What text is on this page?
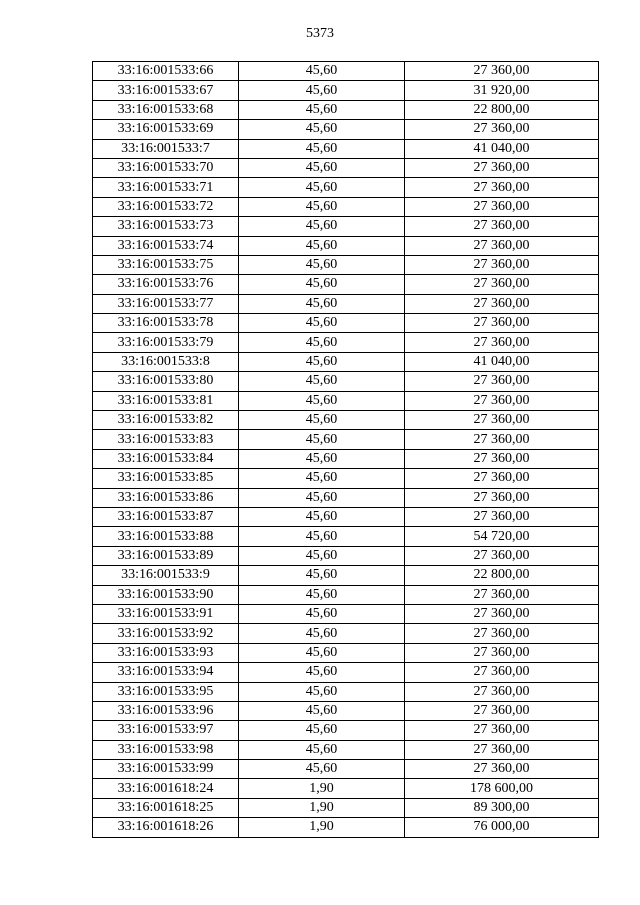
5373
33:16:001533:66	45,60	27 360,00
33:16:001533:67	45,60	31 920,00
33:16:001533:68	45,60	22 800,00
33:16:001533:69	45,60	27 360,00
33:16:001533:7	45,60	41 040,00
33:16:001533:70	45,60	27 360,00
33:16:001533:71	45,60	27 360,00
33:16:001533:72	45,60	27 360,00
33:16:001533:73	45,60	27 360,00
33:16:001533:74	45,60	27 360,00
33:16:001533:75	45,60	27 360,00
33:16:001533:76	45,60	27 360,00
33:16:001533:77	45,60	27 360,00
33:16:001533:78	45,60	27 360,00
33:16:001533:79	45,60	27 360,00
33:16:001533:8	45,60	41 040,00
33:16:001533:80	45,60	27 360,00
33:16:001533:81	45,60	27 360,00
33:16:001533:82	45,60	27 360,00
33:16:001533:83	45,60	27 360,00
33:16:001533:84	45,60	27 360,00
33:16:001533:85	45,60	27 360,00
33:16:001533:86	45,60	27 360,00
33:16:001533:87	45,60	27 360,00
33:16:001533:88	45,60	54 720,00
33:16:001533:89	45,60	27 360,00
33:16:001533:9	45,60	22 800,00
33:16:001533:90	45,60	27 360,00
33:16:001533:91	45,60	27 360,00
33:16:001533:92	45,60	27 360,00
33:16:001533:93	45,60	27 360,00
33:16:001533:94	45,60	27 360,00
33:16:001533:95	45,60	27 360,00
33:16:001533:96	45,60	27 360,00
33:16:001533:97	45,60	27 360,00
33:16:001533:98	45,60	27 360,00
33:16:001533:99	45,60	27 360,00
33:16:001618:24	1,90	178 600,00
33:16:001618:25	1,90	89 300,00
33:16:001618:26	1,90	76 000,00
